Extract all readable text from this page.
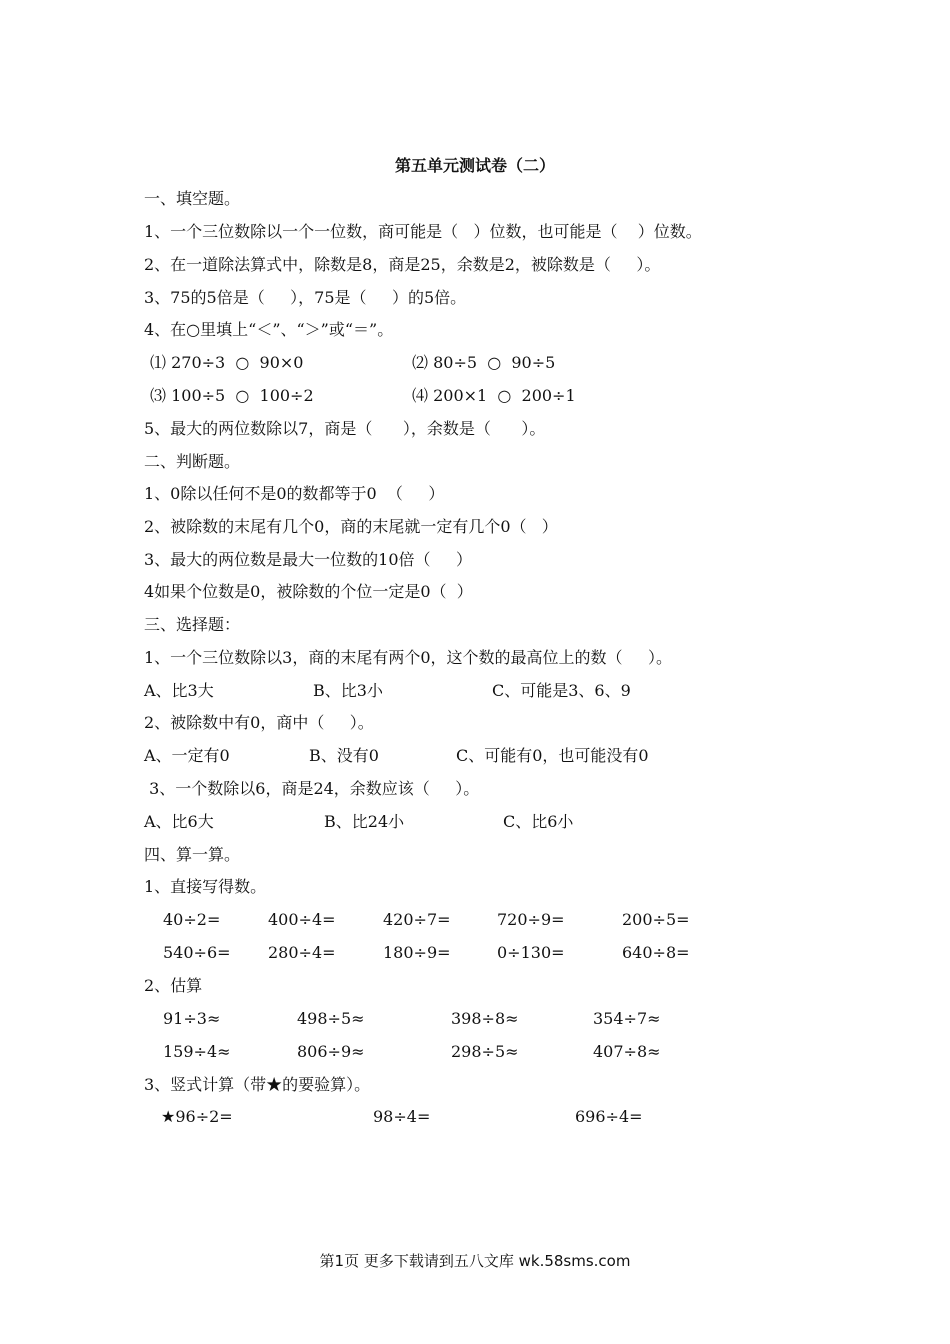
第五单元测试卷（二）
一、填空题。
1、一个三位数除以一个一位数，商可能是（   ）位数，也可能是（    ）位数。
2、在一道除法算式中，除数是8，商是25，余数是2，被除数是（     ）。
3、75的5倍是（     ），75是（     ）的5倍。
4、在○里填上“＜”、“＞”或“＝”。
⑴ 270÷3  ○  90×0	⑵ 80÷5  ○  90÷5
⑶ 100÷5  ○  100÷2	⑷ 200×1  ○  200÷1
5、最大的两位数除以7，商是（      ），余数是（      ）。
二、判断题。
1、0除以任何不是0的数都等于0  （     ）
2、被除数的末尾有几个0，商的末尾就一定有几个0（   ）
3、最大的两位数是最大一位数的10倍（     ）
4如果个位数是0，被除数的个位一定是0（  ）
三、选择题：
1、一个三位数除以3，商的末尾有两个0，这个数的最高位上的数（     ）。
A、比3大	B、比3小	C、可能是3、6、9
2、被除数中有0，商中（     ）。
A、一定有0	B、没有0	C、可能有0，也可能没有0
3、一个数除以6，商是24，余数应该（     ）。
A、比6大	B、比24小	C、比6小
四、算一算。
1、直接写得数。
40÷2=	400÷4=	420÷7=	720÷9=	200÷5=
540÷6= 280÷4=	180÷9=	0÷130=	640÷8=
2、估算
91÷3≈	498÷5≈	398÷8≈	354÷7≈
159÷4≈	806÷9≈	298÷5≈	407÷8≈
3、竖式计算（带★的要验算）。
★96÷2=	98÷4=	696÷4=
第1页 更多下载请到五八文库 wk.58sms.com
